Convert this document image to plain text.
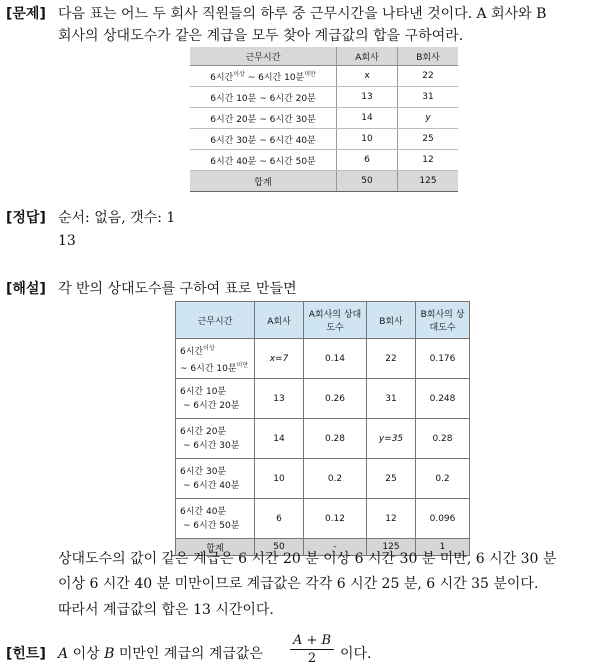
[문제] 다음 표는 어느 두 회사 직원들의 하루 중 근무시간을 나타낸 것이다. A 회사와 B
회사의 상대도수가 같은 계급을 모두 찾아 계급값의 합을 구하여라.
근무시간	A회사	B회사
6시간$^{이상}$ ~ 6시간 10분$^{미만}$	x	22
6시간 10분 ~ 6시간 20분	13	31
6시간 20분 ~ 6시간 30분	14	y
6시간 30분 ~ 6시간 40분	10	25
6시간 40분 ~ 6시간 50분	6	12
합계	50	125
[정답] 순서: 없음, 갯수: 1
13
[해설] 각 반의 상대도수를 구하여 표로 만들면
근무시간	A회사	A회사의 상대도수	B회사	B회사의 상대도수
6시간$^{이상}$
~ 6시간 10분$^{미만}$	x=7	0.14	22	0.176
6시간 10분
~ 6시간 20분	13	0.26	31	0.248
6시간 20분
~ 6시간 30분	14	0.28	y=35	0.28
6시간 30분
~ 6시간 40분	10	0.2	25	0.2
6시간 40분
~ 6시간 50분	6	0.12	12	0.096
합계	50	-	125	1
상대도수의 값이 같은 계급은 6 시간 20 분 이상 6 시간 30 분 미만, 6 시간 30 분
이상 6 시간 40 분 미만이므로 계급값은 각각 6 시간 25 분, 6 시간 35 분이다.
따라서 계급값의 합은 13 시간이다.
[힌트] A 이상 B 미만인 계급의 계급값은 $\frac{A + B}{2}$ 이다.
